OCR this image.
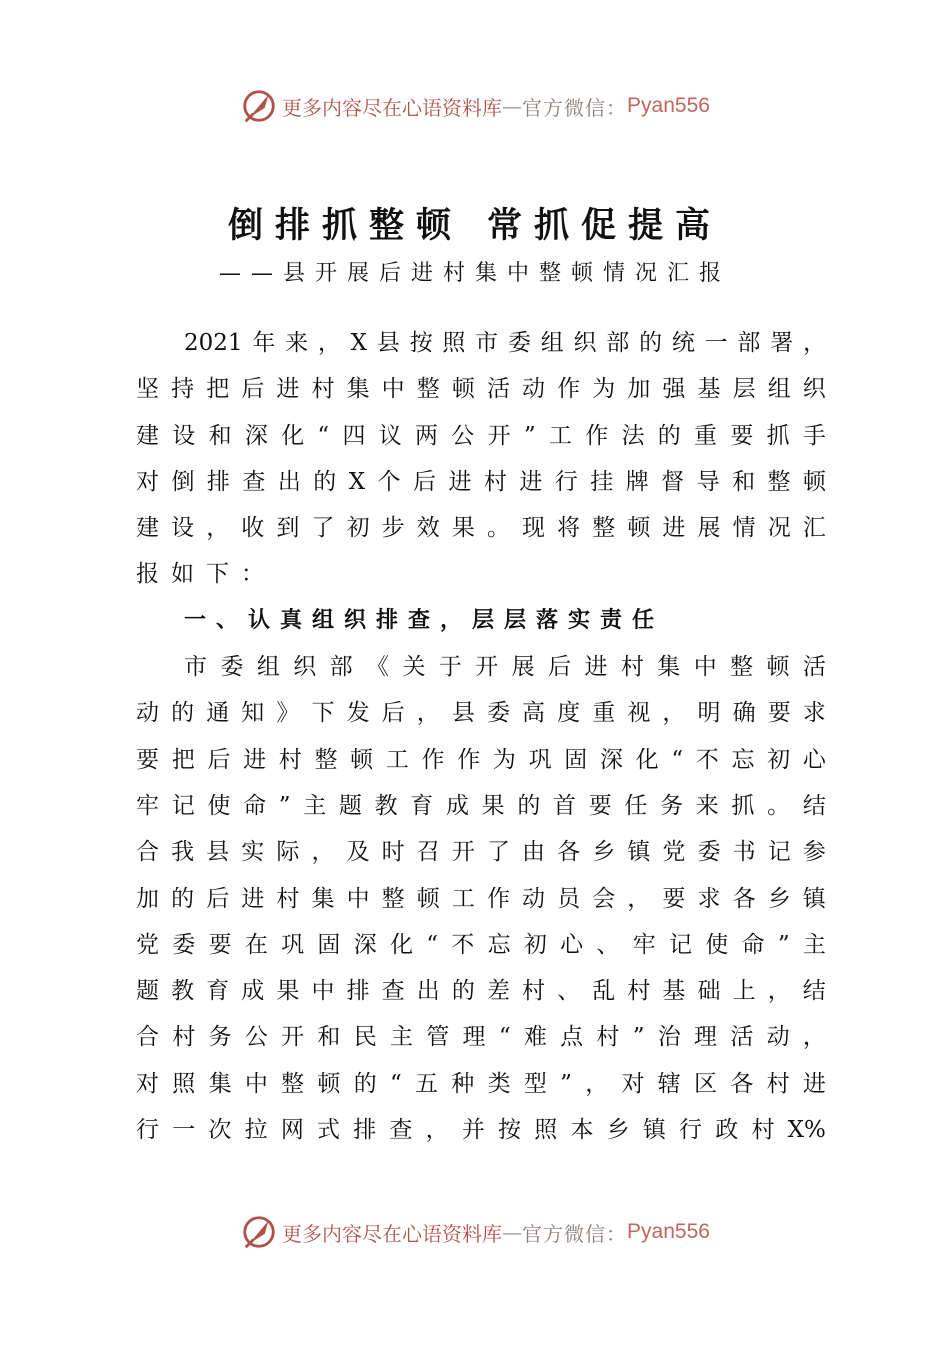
更多内容尽在心语资料库 — 官方微信： Pyan556
倒排抓整顿 常抓促提高
——县开展后进村集中整顿情况汇报
2021 年 来 ， X 县 按 照 市 委 组 织 部 的 统 一 部 署 ，
坚 持 把 后 进 村 集 中 整 顿 活 动 作 为 加 强 基 层 组 织
建 设 和 深 化 “ 四 议 两 公 开 ” 工 作 法 的 重 要 抓 手
对 倒 排 查 出 的 X 个 后 进 村 进 行 挂 牌 督 导 和 整 顿
建 设 ， 收 到 了 初 步 效 果 。 现 将 整 顿 进 展 情 况 汇
报如下：
一、认真组织排查，层层落实责任
市 委 组 织 部 《 关 于 开 展 后 进 村 集 中 整 顿 活
动 的 通 知 》 下 发 后 ， 县 委 高 度 重 视 ， 明 确 要 求
要 把 后 进 村 整 顿 工 作 作 为 巩 固 深 化 “ 不 忘 初 心
牢 记 使 命 ” 主 题 教 育 成 果 的 首 要 任 务 来 抓 。 结
合 我 县 实 际 ， 及 时 召 开 了 由 各 乡 镇 党 委 书 记 参
加 的 后 进 村 集 中 整 顿 工 作 动 员 会 ， 要 求 各 乡 镇
党 委 要 在 巩 固 深 化 “ 不 忘 初 心 、 牢 记 使 命 ” 主
题 教 育 成 果 中 排 查 出 的 差 村 、 乱 村 基 础 上 ， 结
合 村 务 公 开 和 民 主 管 理 “ 难 点 村 ” 治 理 活 动 ，
对 照 集 中 整 顿 的 “ 五 种 类 型 ” ， 对 辖 区 各 村 进
行 一 次 拉 网 式 排 查 ， 并 按 照 本 乡 镇 行 政 村 X%
更多内容尽在心语资料库 — 官方微信： Pyan556
